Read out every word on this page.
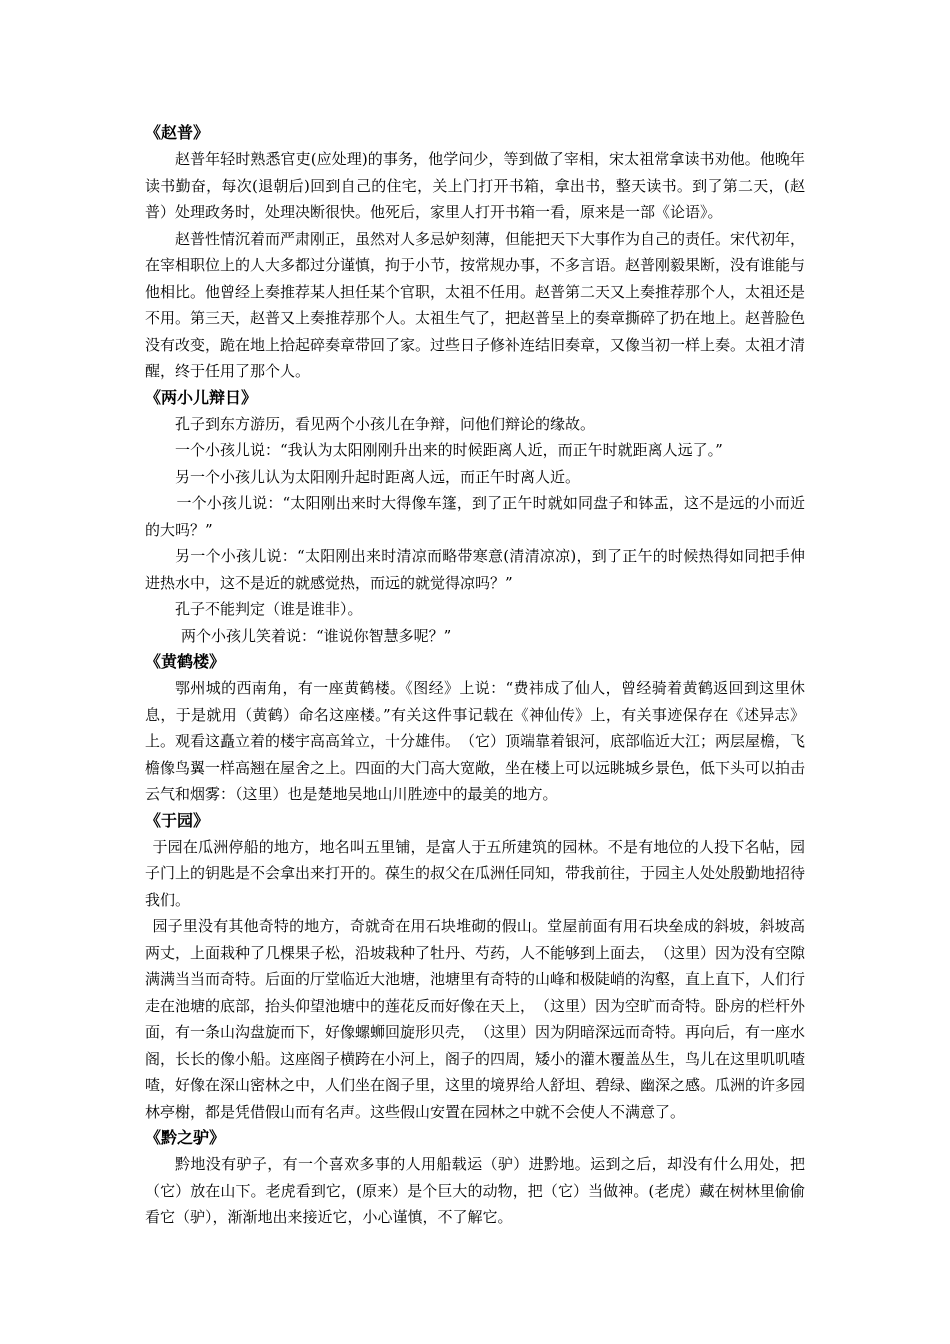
《赵普》

赵普年轻时熟悉官吏(应处理)的事务，他学问少，等到做了宰相，宋太祖常拿读书劝他。他晚年读书勤奋，每次(退朝后)回到自己的住宅，关上门打开书箱，拿出书，整天读书。到了第二天，(赵普）处理政务时，处理决断很快。他死后，家里人打开书箱一看，原来是一部《论语》。

赵普性情沉着而严肃刚正，虽然对人多忌妒刻薄，但能把天下大事作为自己的责任。宋代初年，在宰相职位上的人大多都过分谨慎，拘于小节，按常规办事，不多言语。赵普刚毅果断，没有谁能与他相比。他曾经上奏推荐某人担任某个官职，太祖不任用。赵普第二天又上奏推荐那个人，太祖还是不用。第三天，赵普又上奏推荐那个人。太祖生气了，把赵普呈上的奏章撕碎了扔在地上。赵普脸色没有改变，跪在地上拾起碎奏章带回了家。过些日子修补连结旧奏章，又像当初一样上奏。太祖才清醒，终于任用了那个人。

《两小儿辩日》

孔子到东方游历，看见两个小孩儿在争辩，问他们辩论的缘故。

一个小孩儿说：“我认为太阳刚刚升出来的时候距离人近，而正午时就距离人远了。”

另一个小孩儿认为太阳刚升起时距离人远，而正午时离人近。

一个小孩儿说：“太阳刚出来时大得像车篷，到了正午时就如同盘子和钵盂，这不是远的小而近的大吗？”

另一个小孩儿说：“太阳刚出来时清凉而略带寒意(清清凉凉)，到了正午的时候热得如同把手伸进热水中，这不是近的就感觉热，而远的就觉得凉吗？”

孔子不能判定（谁是谁非）。

两个小孩儿笑着说：“谁说你智慧多呢？”

《黄鹤楼》

鄂州城的西南角，有一座黄鹤楼。《图经》上说：“费祎成了仙人，曾经骑着黄鹤返回到这里休息，于是就用（黄鹤）命名这座楼。”有关这件事记载在《神仙传》上，有关事迹保存在《述异志》上。观看这矗立着的楼宇高高耸立，十分雄伟。　（它）顶端靠着银河，底部临近大江；两层屋檐，飞檐像鸟翼一样高翘在屋舍之上。四面的大门高大宽敞，坐在楼上可以远眺城乡景色，低下头可以拍击云气和烟雾：（这里）也是楚地吴地山川胜迹中的最美的地方。

《于园》

于园在瓜洲停船的地方，地名叫五里铺，是富人于五所建筑的园林。不是有地位的人投下名帖，园子门上的钥匙是不会拿出来打开的。葆生的叔父在瓜洲任同知，带我前往，于园主人处处殷勤地招待我们。

园子里没有其他奇特的地方，奇就奇在用石块堆砌的假山。堂屋前面有用石块垒成的斜坡，斜坡高两丈，上面栽种了几棵果子松，沿坡栽种了牡丹、芍药，人不能够到上面去，　（这里）因为没有空隙满满当当而奇特。后面的厅堂临近大池塘，池塘里有奇特的山峰和极陡峭的沟壑，直上直下，人们行走在池塘的底部，抬头仰望池塘中的莲花反而好像在天上，　（这里）因为空旷而奇特。卧房的栏杆外面，有一条山沟盘旋而下，好像螺蛳回旋形贝壳，　（这里）因为阴暗深远而奇特。再向后，有一座水阁，长长的像小船。这座阁子横跨在小河上，阁子的四周，矮小的灌木覆盖丛生，鸟儿在这里叽叽喳喳，好像在深山密林之中，人们坐在阁子里，这里的境界给人舒坦、碧绿、幽深之感。瓜洲的许多园林亭榭，都是凭借假山而有名声。这些假山安置在园林之中就不会使人不满意了。

《黔之驴》

黔地没有驴子，有一个喜欢多事的人用船载运（驴）进黔地。运到之后，却没有什么用处，把（它）放在山下。老虎看到它，(原来）是个巨大的动物，把（它）当做神。(老虎）藏在树林里偷偷看它（驴），渐渐地出来接近它，小心谨慎，不了解它。
